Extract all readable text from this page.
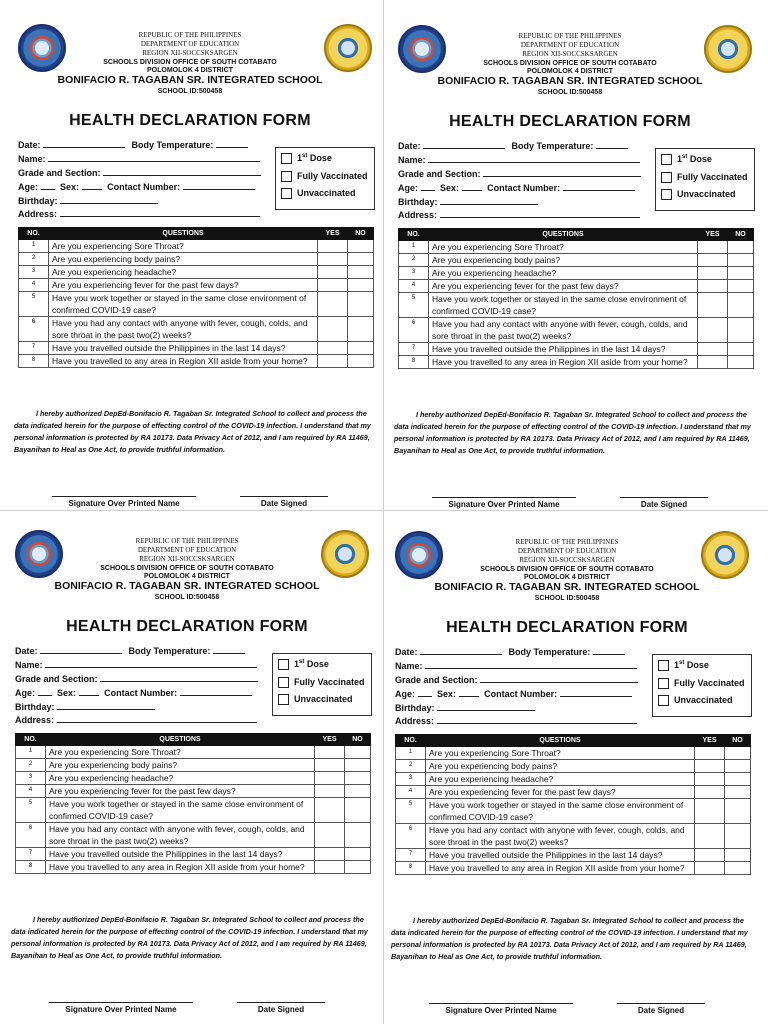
REPUBLIC OF THE PHILIPPINES
DEPARTMENT OF EDUCATION
REGION XII-SOCCSKSARGEN
SCHOOLS DIVISION OFFICE OF SOUTH COTABATO
POLOMOLOK 4 DISTRICT
BONIFACIO R. TAGABAN SR. INTEGRATED SCHOOL
SCHOOL ID:500458
HEALTH DECLARATION FORM
Date:	Body Temperature:
Name:
Grade and Section:
Age: Sex:	Contact Number:
Birthday:
Address:
1st Dose
Fully Vaccinated
Unvaccinated
NO.	QUESTIONS	YES	NO
1	Are you experiencing Sore Throat?		
2	Are you experiencing body pains?		
3	Are you experiencing headache?		
4	Are you experiencing fever for the past few days?		
5	Have you work together or stayed in the same close environment of confirmed COVID-19 case?		
6	Have you had any contact with anyone with fever, cough, colds, and sore throat in the past two(2) weeks?		
7	Have you travelled outside the Philippines in the last 14 days?		
8	Have you travelled to any area in Region XII aside from your home?		
I hereby authorized DepEd-Bonifacio R. Tagaban Sr. Integrated School to collect and process the data indicated herein for the purpose of effecting control of the COVID-19 infection. I understand that my personal information is protected by RA 10173. Data Privacy Act of 2012, and I am required by RA 11469, Bayanihan to Heal as One Act, to provide truthful information.
Signature Over Printed Name	Date Signed
REPUBLIC OF THE PHILIPPINES
DEPARTMENT OF EDUCATION
REGION XII-SOCCSKSARGEN
SCHOOLS DIVISION OFFICE OF SOUTH COTABATO
POLOMOLOK 4 DISTRICT
BONIFACIO R. TAGABAN SR. INTEGRATED SCHOOL
SCHOOL ID:500458
HEALTH DECLARATION FORM
Date:	Body Temperature:
Name:
Grade and Section:
Age: Sex:	Contact Number:
Birthday:
Address:
1st Dose
Fully Vaccinated
Unvaccinated
NO.	QUESTIONS	YES	NO
1	Are you experiencing Sore Throat?		
2	Are you experiencing body pains?		
3	Are you experiencing headache?		
4	Are you experiencing fever for the past few days?		
5	Have you work together or stayed in the same close environment of confirmed COVID-19 case?		
6	Have you had any contact with anyone with fever, cough, colds, and sore throat in the past two(2) weeks?		
7	Have you travelled outside the Philippines in the last 14 days?		
8	Have you travelled to any area in Region XII aside from your home?		
I hereby authorized DepEd-Bonifacio R. Tagaban Sr. Integrated School to collect and process the data indicated herein for the purpose of effecting control of the COVID-19 infection. I understand that my personal information is protected by RA 10173. Data Privacy Act of 2012, and I am required by RA 11469, Bayanihan to Heal as One Act, to provide truthful information.
Signature Over Printed Name	Date Signed
REPUBLIC OF THE PHILIPPINES
DEPARTMENT OF EDUCATION
REGION XII-SOCCSKSARGEN
SCHOOLS DIVISION OFFICE OF SOUTH COTABATO
POLOMOLOK 4 DISTRICT
BONIFACIO R. TAGABAN SR. INTEGRATED SCHOOL
SCHOOL ID:500458
HEALTH DECLARATION FORM
Date:	Body Temperature:
Name:
Grade and Section:
Age: Sex:	Contact Number:
Birthday:
Address:
1st Dose
Fully Vaccinated
Unvaccinated
NO.	QUESTIONS	YES	NO
1	Are you experiencing Sore Throat?		
2	Are you experiencing body pains?		
3	Are you experiencing headache?		
4	Are you experiencing fever for the past few days?		
5	Have you work together or stayed in the same close environment of confirmed COVID-19 case?		
6	Have you had any contact with anyone with fever, cough, colds, and sore throat in the past two(2) weeks?		
7	Have you travelled outside the Philippines in the last 14 days?		
8	Have you travelled to any area in Region XII aside from your home?		
I hereby authorized DepEd-Bonifacio R. Tagaban Sr. Integrated School to collect and process the data indicated herein for the purpose of effecting control of the COVID-19 infection. I understand that my personal information is protected by RA 10173. Data Privacy Act of 2012, and I am required by RA 11469, Bayanihan to Heal as One Act, to provide truthful information.
Signature Over Printed Name	Date Signed
REPUBLIC OF THE PHILIPPINES
DEPARTMENT OF EDUCATION
REGION XII-SOCCSKSARGEN
SCHOOLS DIVISION OFFICE OF SOUTH COTABATO
POLOMOLOK 4 DISTRICT
BONIFACIO R. TAGABAN SR. INTEGRATED SCHOOL
SCHOOL ID:500458
HEALTH DECLARATION FORM
Date:	Body Temperature:
Name:
Grade and Section:
Age: Sex:	Contact Number:
Birthday:
Address:
1st Dose
Fully Vaccinated
Unvaccinated
NO.	QUESTIONS	YES	NO
1	Are you experiencing Sore Throat?		
2	Are you experiencing body pains?		
3	Are you experiencing headache?		
4	Are you experiencing fever for the past few days?		
5	Have you work together or stayed in the same close environment of confirmed COVID-19 case?		
6	Have you had any contact with anyone with fever, cough, colds, and sore throat in the past two(2) weeks?		
7	Have you travelled outside the Philippines in the last 14 days?		
8	Have you travelled to any area in Region XII aside from your home?		
I hereby authorized DepEd-Bonifacio R. Tagaban Sr. Integrated School to collect and process the data indicated herein for the purpose of effecting control of the COVID-19 infection. I understand that my personal information is protected by RA 10173. Data Privacy Act of 2012, and I am required by RA 11469, Bayanihan to Heal as One Act, to provide truthful information.
Signature Over Printed Name	Date Signed
